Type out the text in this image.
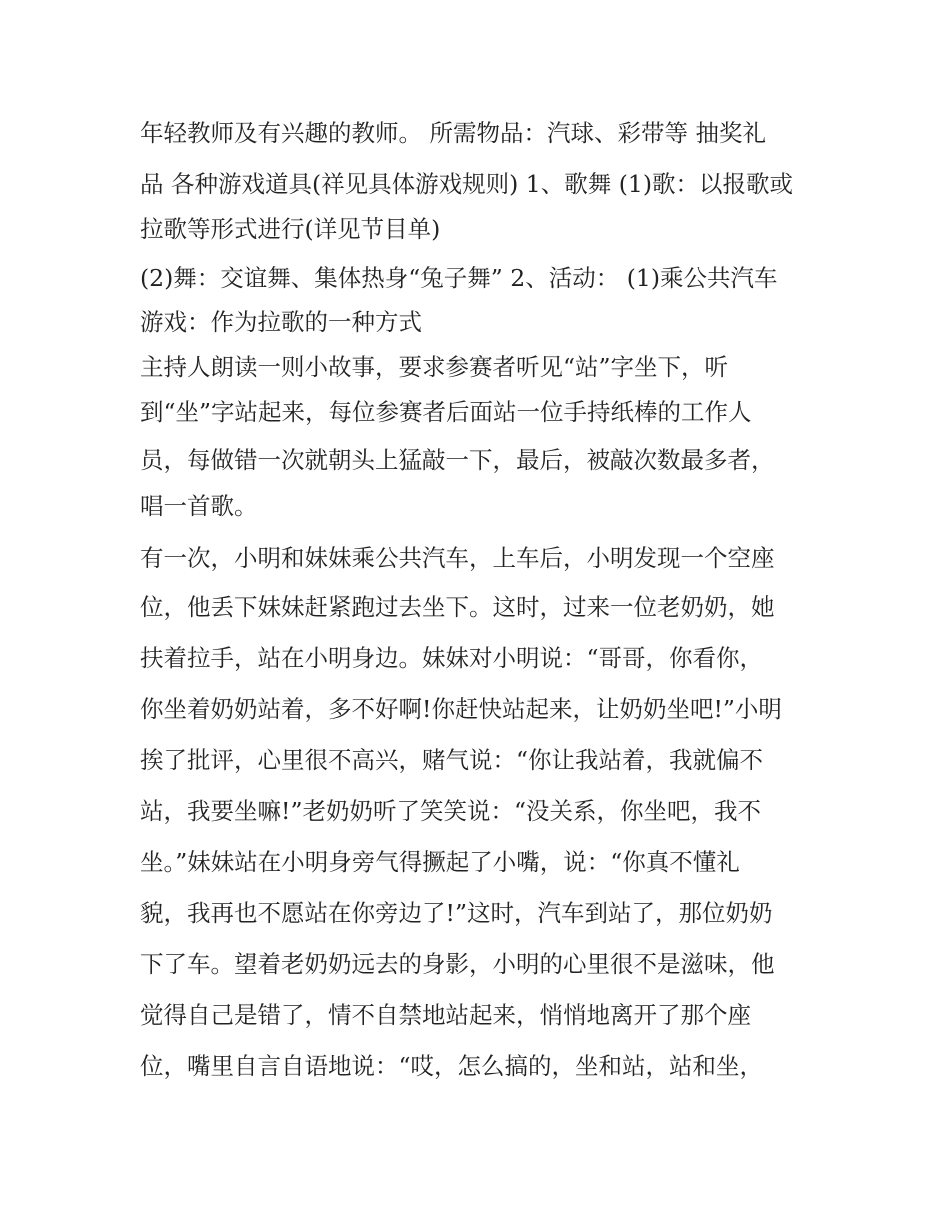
年轻教师及有兴趣的教师。 所需物品：汽球、彩带等 抽奖礼
品 各种游戏道具(祥见具体游戏规则) 1、歌舞 (1)歌：以报歌或
拉歌等形式进行(详见节目单)
(2)舞：交谊舞、集体热身“兔子舞” 2、活动： (1)乘公共汽车
游戏：作为拉歌的一种方式
主持人朗读一则小故事，要求参赛者听见“站”字坐下，听
到“坐”字站起来，每位参赛者后面站一位手持纸棒的工作人
员，每做错一次就朝头上猛敲一下，最后，被敲次数最多者，
唱一首歌。
有一次，小明和妹妹乘公共汽车，上车后，小明发现一个空座
位，他丢下妹妹赶紧跑过去坐下。这时，过来一位老奶奶，她
扶着拉手，站在小明身边。妹妹对小明说：“哥哥，你看你，
你坐着奶奶站着，多不好啊!你赶快站起来，让奶奶坐吧!”小明
挨了批评，心里很不高兴，赌气说：“你让我站着，我就偏不
站，我要坐嘛!”老奶奶听了笑笑说：“没关系，你坐吧，我不
坐。”妹妹站在小明身旁气得撅起了小嘴，说：“你真不懂礼
貌，我再也不愿站在你旁边了!”这时，汽车到站了，那位奶奶
下了车。望着老奶奶远去的身影，小明的心里很不是滋味，他
觉得自己是错了，情不自禁地站起来，悄悄地离开了那个座
位，嘴里自言自语地说：“哎，怎么搞的，坐和站，站和坐，
